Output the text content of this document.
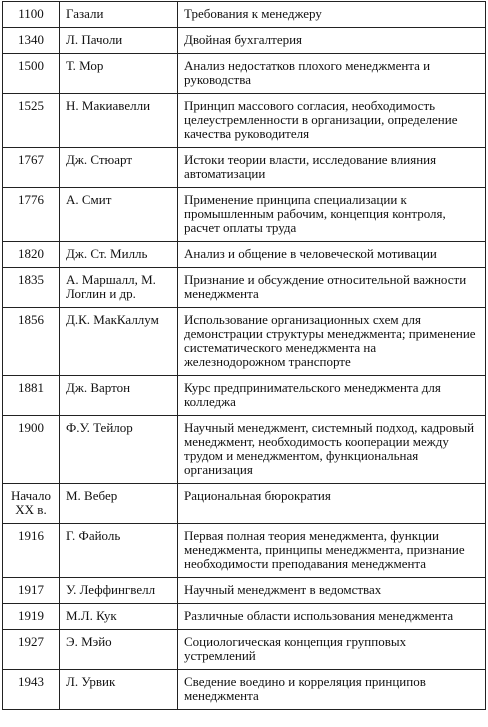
1100	Газали	Требования к менеджеру
1340	Л. Пачоли	Двойная бухгалтерия
1500	Т. Мор	Анализ недостатков плохого менеджмента и руководства
1525	Н. Макиавелли	Принцип массового согласия, необходимость целеустремленности в организации, определение качества руководителя
1767	Дж. Стюарт	Истоки теории власти, исследование влияния автоматизации
1776	А. Смит	Применение принципа специализации к промышленным рабочим, концепция контроля, расчет оплаты труда
1820	Дж. Ст. Милль	Анализ и общение в человеческой мотивации
1835	А. Маршалл, М. Логлин и др.	Признание и обсуждение относительной важности менеджмента
1856	Д.К. МакКаллум	Использование организационных схем для демонстрации структуры менеджмента; применение систематического менеджмента на железнодорожном транспорте
1881	Дж. Вартон	Курс предпринимательского менеджмента для колледжа
1900	Ф.У. Тейлор	Научный менеджмент, системный подход, кадровый менеджмент, необходимость кооперации между трудом и менеджментом, функциональная организация
Начало XX в.	М. Вебер	Рациональная бюрократия
1916	Г. Файоль	Первая полная теория менеджмента, функции менеджмента, принципы менеджмента, признание необходимости преподавания менеджмента
1917	У. Леффингвелл	Научный менеджмент в ведомствах
1919	М.Л. Кук	Различные области использования менеджмента
1927	Э. Мэйо	Социологическая концепция групповых устремлений
1943	Л. Урвик	Сведение воедино и корреляция принципов менеджмента
